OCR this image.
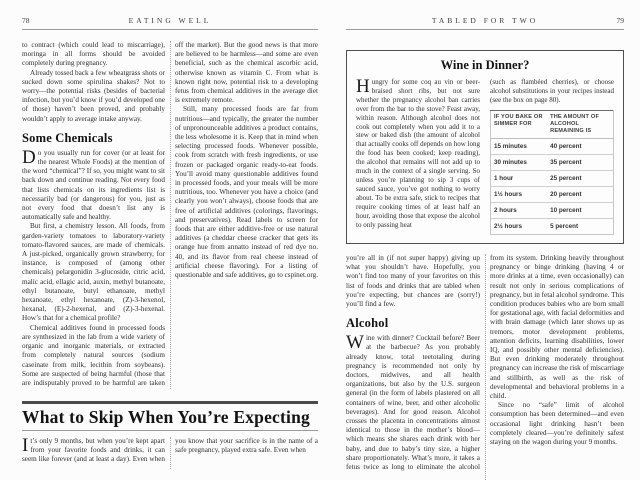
78	EATING WELL

to contract (which could lead to miscarriage), moringa in all forms should be avoided completely during pregnancy.

Already tossed back a few wheatgrass shots or sucked down some spirulina shakes? Not to worry—the potential risks (besides of bacterial infection, but you’d know if you’d developed one of those) haven’t been proved, and probably wouldn’t apply to average intake anyway.

Some Chemicals

Do you usually run for cover (or at least for the nearest Whole Foods) at the mention of the word “chemical”? If so, you might want to sit back down and continue reading. Not every food that lists chemicals on its ingredients list is necessarily bad (or dangerous) for you, just as not every food that doesn’t list any is automatically safe and healthy.

But first, a chemistry lesson. All foods, from garden-variety tomatoes to laboratory-variety tomato-flavored sauces, are made of chemicals. A just-picked, organically grown strawberry, for instance, is composed of (among other chemicals) pelargonidin 3-glucoside, citric acid, malic acid, ellagic acid, auxin, methyl butanoate, ethyl butanoate, butyl ethanoate, methyl hexanoate, ethyl hexanoate, (Z)-3-hexenol, hexanal, (E)-2-hexenal, and (Z)-3-hexenal. How’s that for a chemical profile?

Chemical additives found in processed foods are synthesized in the lab from a wide variety of organic and inorganic materials, or extracted from completely natural sources (sodium caseinate from milk, lecithin from soybeans). Some are suspected of being harmful (those that are indisputably proved to be harmful are taken off the market). But the good news is that more are believed to be harmless—and some are even beneficial, such as the chemical ascorbic acid, otherwise known as vitamin C. From what is known right now, potential risk to a developing fetus from chemical additives in the average diet is extremely remote.

Still, many processed foods are far from nutritious—and typically, the greater the number of unpronounceable additives a product contains, the less wholesome it is. Keep that in mind when selecting processed foods. Whenever possible, cook from scratch with fresh ingredients, or use frozen or packaged organic ready-to-eat foods. You’ll avoid many questionable additives found in processed foods, and your meals will be more nutritious, too. Whenever you have a choice (and clearly you won’t always), choose foods that are free of artificial additives (colorings, flavorings, and preservatives). Read labels to screen for foods that are either additive-free or use natural additives (a cheddar cheese cracker that gets its orange hue from annatto instead of red dye no. 40, and its flavor from real cheese instead of artificial cheese flavoring). For a listing of questionable and safe additives, go to cspinet.org.

What to Skip When You’re Expecting

It’s only 9 months, but when you’re kept apart from your favorite foods and drinks, it can seem like forever (and at least a day). Even when you know that your sacrifice is in the name of a safe pregnancy, played extra safe. Even when

TABLED FOR TWO	79
Wine in Dinner?

Hungry for some coq au vin or beer-braised short ribs, but not sure whether the pregnancy alcohol ban carries over from the bar to the stove? Feast away, within reason. Although alcohol does not cook out completely when you add it to a stew or baked dish (the amount of alcohol that actually cooks off depends on how long the food has been cooked; keep reading), the alcohol that remains will not add up to much in the context of a single serving. So unless you’re planning to sip 3 cups of sauced sauce, you’ve got nothing to worry about. To be extra safe, stick to recipes that require cooking times of at least half an hour, avoiding those that expose the alcohol to only passing heat

(such as flambéed cherries), or choose alcohol substitutions in your recipes instead (see the box on page 80).

IF YOU BAKE OR SIMMER FOR	THE AMOUNT OF ALCOHOL REMAINING IS
15 minutes	40 percent
30 minutes	35 percent
1 hour	25 percent
1½ hours	20 percent
2 hours	10 percent
2½ hours	5 percent

you’re all in (if not super happy) giving up what you shouldn’t have. Hopefully, you won’t find too many of your favorites on this list of foods and drinks that are tabled when you’re expecting, but chances are (sorry!) you’ll find a few.

Alcohol

Wine with dinner? Cocktail before? Beer at the barbecue? As you probably already know, total teetotaling during pregnancy is recommended not only by doctors, midwives, and all health organizations, but also by the U.S. surgeon general (in the form of labels plastered on all containers of wine, beer, and other alcoholic beverages). And for good reason. Alcohol crosses the placenta in concentrations almost identical to those in the mother’s blood—which means she shares each drink with her baby, and due to baby’s tiny size, a higher share proportionately. What’s more, it takes a fetus twice as long to eliminate the alcohol from its system. Drinking heavily throughout pregnancy or binge drinking (having 4 or more drinks at a time, even occasionally) can result not only in serious complications of pregnancy, but in fetal alcohol syndrome. This condition produces babies who are born small for gestational age, with facial deformities and with brain damage (which later shows up as tremors, motor development problems, attention deficits, learning disabilities, lower IQ, and possibly other mental deficiencies). But even drinking moderately throughout pregnancy can increase the risk of miscarriage and stillbirth, as well as the risk of developmental and behavioral problems in a child.

Since no “safe” limit of alcohol consumption has been determined—and even occasional light drinking hasn’t been completely cleared—you’re definitely safest staying on the wagon during your 9 months.
